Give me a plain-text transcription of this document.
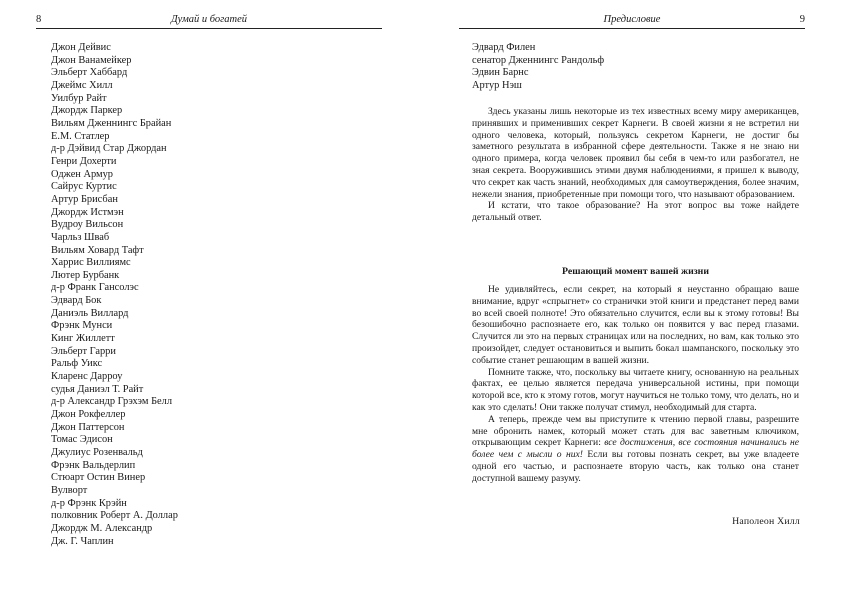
8	Думай и богатей
Джон Дейвис
Джон Ванамейкер
Эльберт Хаббард
Джеймс Хилл
Уилбур Райт
Джордж Паркер
Вильям Дженнингс Брайан
Е.М. Статлер
д-р Дэйвид Стар Джордан
Генри Дохерти
Оджен Армур
Сайрус Куртис
Артур Брисбан
Джордж Истмэн
Вудроу Вильсон
Чарльз Шваб
Вильям Ховард Тафт
Харрис Виллиямс
Лютер Бурбанк
д-р Франк Гансолэс
Эдвард Бок
Даниэль Виллард
Фрэнк Мунси
Кинг Жиллетт
Эльберт Гарри
Ральф Уикс
Кларенс Дарроу
судья Даниэл Т. Райт
д-р Александр Грэхэм Белл
Джон Рокфеллер
Джон Паттерсон
Томас Эдисон
Джулиус Розенвальд
Фрэнк Вальдерлип
Стюарт Остин Винер
Вулворт
д-р Фрэнк Крэйн
полковник Роберт А. Доллар
Джордж М. Александр
Дж. Г. Чаплин
Предисловие	9
Эдвард Филен
сенатор Дженнингс Рандольф
Эдвин Барнс
Артур Нэш

Здесь указаны лишь некоторые из тех известных всему миру американцев, принявших и применивших секрет Карнеги. В своей жизни я не встретил ни одного человека, который, пользуясь секретом Карнеги, не достиг бы заметного результата в избранной сфере деятельности. Также я не знаю ни одного примера, когда человек проявил бы себя в чем-то или разбогател, не зная секрета. Вооружившись этими двумя наблюдениями, я пришел к выводу, что секрет как часть знаний, необходимых для самоутверждения, более значим, нежели знания, приобретенные при помощи того, что называют образованием.

И кстати, что такое образование? На этот вопрос вы тоже найдете детальный ответ.

Решающий момент вашей жизни

Не удивляйтесь, если секрет, на который я неустанно обращаю ваше внимание, вдруг «спрыгнет» со странички этой книги и предстанет перед вами во всей своей полноте! Это обязательно случится, если вы к этому готовы! Вы безошибочно распознаете его, как только он появится у вас перед глазами. Случится ли это на первых страницах или на последних, но вам, как только это произойдет, следует остановиться и выпить бокал шампанского, поскольку это событие станет решающим в вашей жизни.

Помните также, что, поскольку вы читаете книгу, основанную на реальных фактах, ее целью является передача универсальной истины, при помощи которой все, кто к этому готов, могут научиться не только тому, что делать, но и как это сделать! Они также получат стимул, необходимый для старта.

А теперь, прежде чем вы приступите к чтению первой главы, разрешите мне обронить намек, который может стать для вас заветным ключиком, открывающим секрет Карнеги: все достижения, все состояния начинались не более чем с мысли о них! Если вы готовы познать секрет, вы уже владеете одной его частью, и распознаете вторую часть, как только она станет доступной вашему разуму.

Наполеон Хилл
